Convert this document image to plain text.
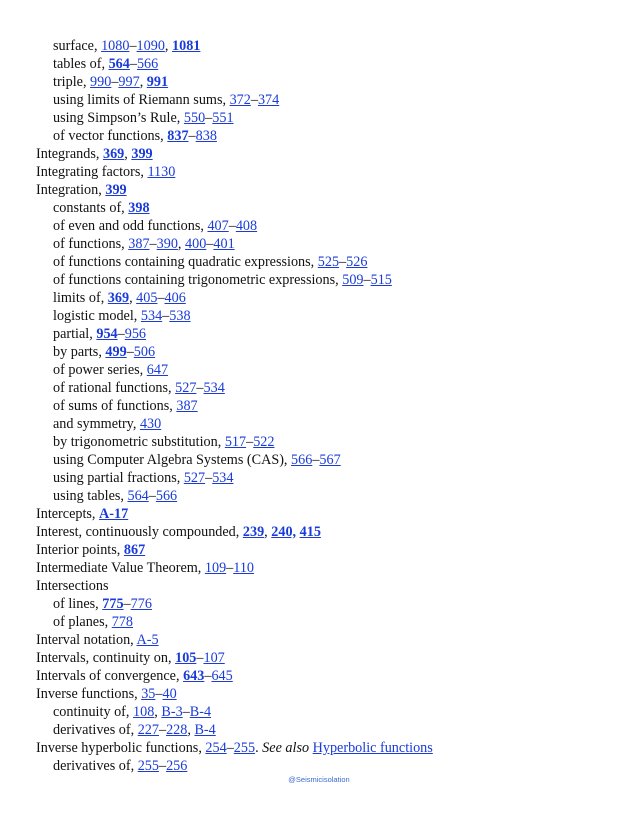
surface, 1080–1090, 1081
tables of, 564–566
triple, 990–997, 991
using limits of Riemann sums, 372–374
using Simpson’s Rule, 550–551
of vector functions, 837–838
Integrands, 369, 399
Integrating factors, 1130
Integration, 399
constants of, 398
of even and odd functions, 407–408
of functions, 387–390, 400–401
of functions containing quadratic expressions, 525–526
of functions containing trigonometric expressions, 509–515
limits of, 369, 405–406
logistic model, 534–538
partial, 954–956
by parts, 499–506
of power series, 647
of rational functions, 527–534
of sums of functions, 387
and symmetry, 430
by trigonometric substitution, 517–522
using Computer Algebra Systems (CAS), 566–567
using partial fractions, 527–534
using tables, 564–566
Intercepts, A-17
Interest, continuously compounded, 239, 240, 415
Interior points, 867
Intermediate Value Theorem, 109–110
Intersections
of lines, 775–776
of planes, 778
Interval notation, A-5
Intervals, continuity on, 105–107
Intervals of convergence, 643–645
Inverse functions, 35–40
continuity of, 108, B-3–B-4
derivatives of, 227–228, B-4
Inverse hyperbolic functions, 254–255. See also Hyperbolic functions
derivatives of, 255–256
@Seismicisolation
